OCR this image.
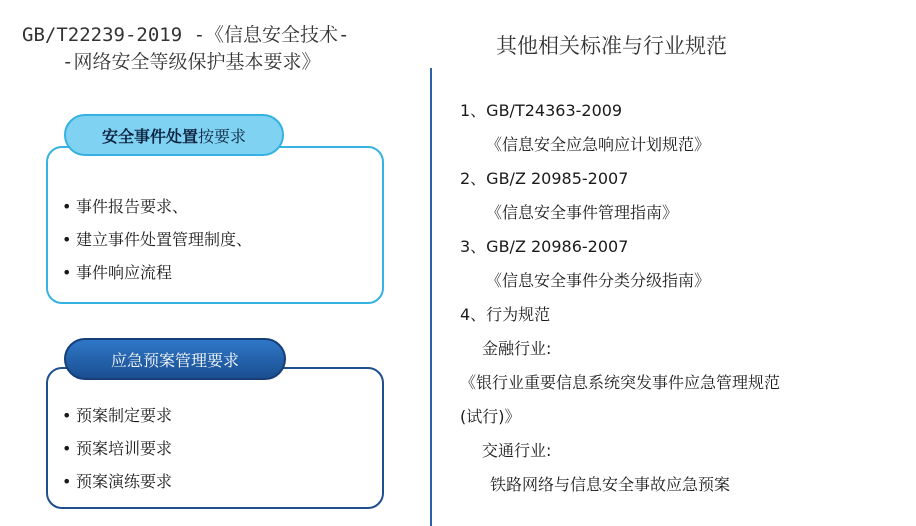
GB/T22239-2019 -《信息安全技术-
-网络安全等级保护基本要求》
其他相关标准与行业规范
• 事件报告要求、
• 建立事件处置管理制度、
• 事件响应流程
安全事件处置 按要求
• 预案制定要求
• 预案培训要求
• 预案演练要求
应急预案管理要求
1、GB/T24363-2009
《信息安全应急响应计划规范》
2、GB/Z 20985-2007
《信息安全事件管理指南》
3、GB/Z 20986-2007
《信息安全事件分类分级指南》
4、行为规范
金融行业:
《银行业重要信息系统突发事件应急管理规范
(试行)》
交通行业:
铁路网络与信息安全事故应急预案
